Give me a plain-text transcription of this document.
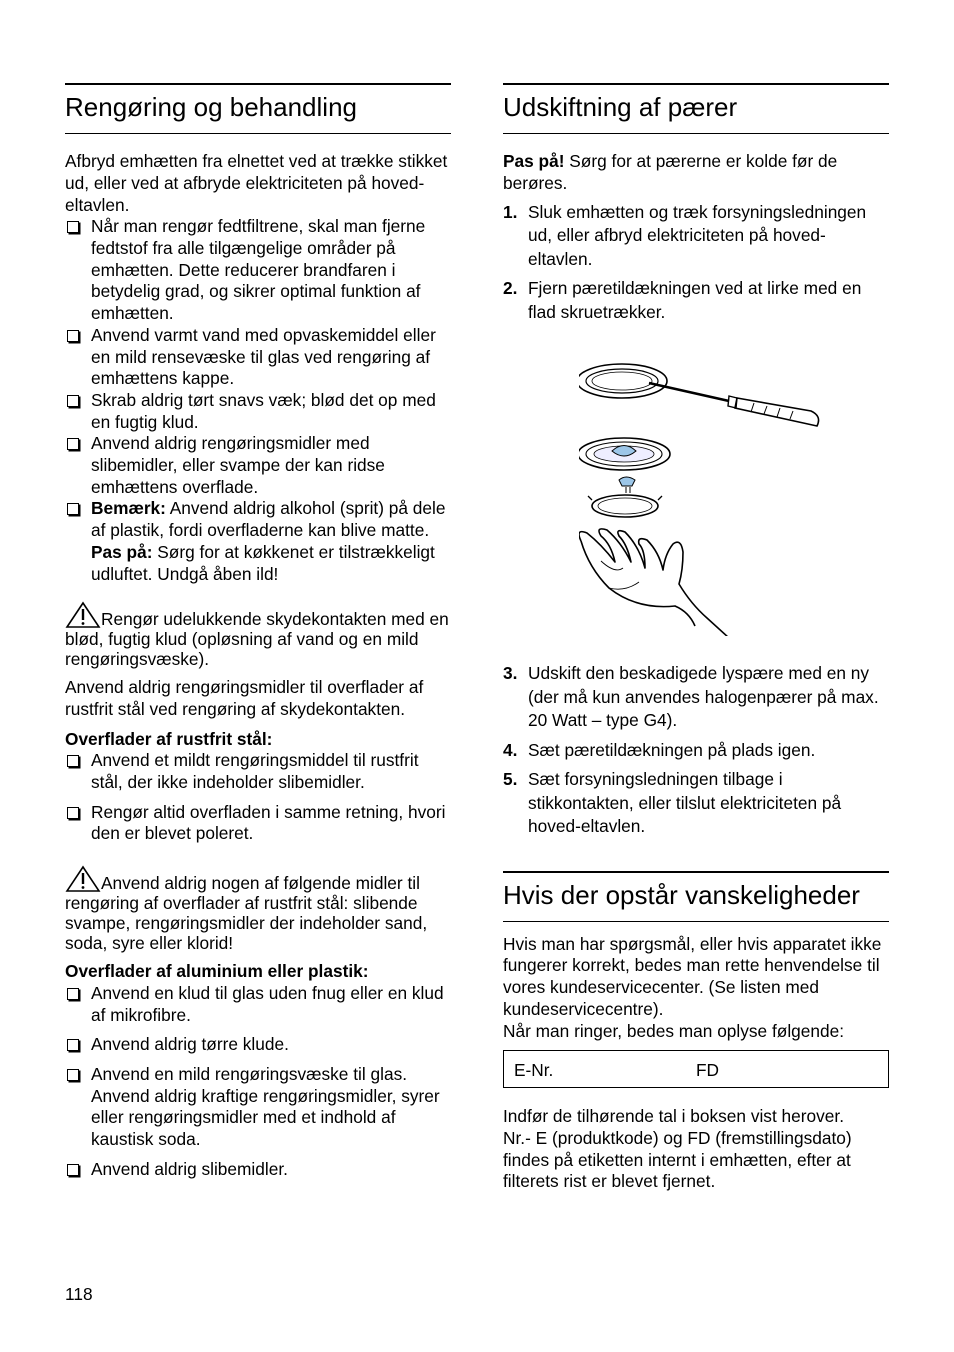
Rengøring og behandling

Afbryd emhætten fra elnettet ved at trække stikket ud, eller ved at afbryde elektriciteten på hoved-eltavlen.

Når man rengør fedtfiltrene, skal man fjerne fedtstof fra alle tilgængelige områder på emhætten. Dette reducerer brandfaren i betydelig grad, og sikrer optimal funktion af emhætten.
Anvend varmt vand med opvaskemiddel eller en mild rensevæske til glas ved rengøring af emhættens kappe.
Skrab aldrig tørt snavs væk; blød det op med en fugtig klud.
Anvend aldrig rengøringsmidler med slibemidler, eller svampe der kan ridse emhættens overflade.
Bemærk: Anvend aldrig alkohol (sprit) på dele af plastik, fordi overfladerne kan blive matte.
Pas på: Sørg for at køkkenet er tilstrækkeligt udluftet. Undgå åben ild!
Rengør udelukkende skydekontakten med en blød, fugtig klud (opløsning af vand og en mild rengøringsvæske).

Anvend aldrig rengøringsmidler til overflader af rustfrit stål ved rengøring af skydekontakten.

Overflader af rustfrit stål:

Anvend et mildt rengøringsmiddel til rustfrit stål, der ikke indeholder slibemidler.
Rengør altid overfladen i samme retning, hvori den er blevet poleret.
Anvend aldrig nogen af følgende midler til rengøring af overflader af rustfrit stål: slibende svampe, rengøringsmidler der indeholder sand, soda, syre eller klorid!

Overflader af aluminium eller plastik:

Anvend en klud til glas uden fnug eller en klud af mikrofibre.
Anvend aldrig tørre klude.
Anvend en mild rengøringsvæske til glas. Anvend aldrig kraftige rengøringsmidler, syrer eller rengøringsmidler med et indhold af kaustisk soda.
Anvend aldrig slibemidler.
Udskiftning af pærer

Pas på! Sørg for at pærerne er kolde før de berøres.

1. Sluk emhætten og træk forsyningsledningen ud, eller afbryd elektriciteten på hoved-eltavlen.
2. Fjern pæretildækningen ved at lirke med en flad skruetrækker.
3. Udskift den beskadigede lyspære med en ny (der må kun anvendes halogenpærer på max. 20 Watt – type G4).
4. Sæt pæretildækningen på plads igen.
5. Sæt forsyningsledningen tilbage i stikkontakten, eller tilslut elektriciteten på hoved-eltavlen.
Hvis der opstår vanskeligheder

Hvis man har spørgsmål, eller hvis apparatet ikke fungerer korrekt, bedes man rette henvendelse til vores kundeservicecenter. (Se listen med kundeservicecentre).

Når man ringer, bedes man oplyse følgende:

E-Nr.	FD

Indfør de tilhørende tal i boksen vist herover.

Nr.- E (produktkode) og FD (fremstillingsdato) findes på etiketten internt i emhætten, efter at filterets rist er blevet fjernet.

118
